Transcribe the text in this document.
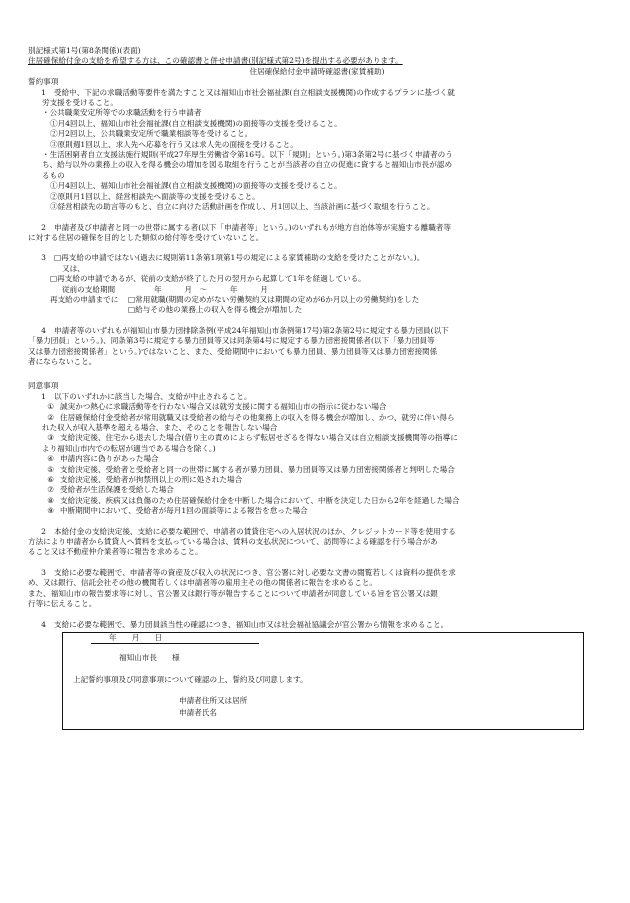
別記様式第1号(第8条関係)(表面)
住居確保給付金の支給を希望する方は、この確認書と併せ申請書(別記様式第2号)を提出する必要があります。
住居確保給付金申請時確認書(家賃補助)
誓約事項
1	受給中、下記の求職活動等要件を満たすこと又は福知山市社会福祉課(自立相談支援機関)の作成するプランに基づく就
労支援を受けること。
・公共職業安定所等での求職活動を行う申請者
①月4回以上、福知山市社会福祉課(自立相談支援機関)の面接等の支援を受けること。
②月2回以上、公共職業安定所で職業相談等を受けること。
③原則週1回以上、求人先へ応募を行う又は求人先の面接を受けること。
・生活困窮者自立支援法施行規則(平成27年厚生労働省令第16号。以下「規則」という。)第3条第2号に基づく申請者のう
ち、給与以外の業務上の収入を得る機会の増加を図る取組を行うことが当該者の自立の促進に資すると福知山市長が認め
るもの
①月4回以上、福知山市社会福祉課(自立相談支援機関)の面接等の支援を受けること。
②原則月1回以上、経営相談先へ面談等の支援を受けること。
③経営相談先の助言等のもと、自立に向けた活動計画を作成し、月1回以上、当該計画に基づく取組を行うこと。
2	申請者及び申請者と同一の世帯に属する者(以下「申請者等」という。)のいずれもが地方自治体等が実施する離職者等
に対する住居の確保を目的とした類似の給付等を受けていないこと。
3	□再支給の申請ではない(過去に規則第11条第1項第1号の規定による家賃補助の支給を受けたことがない。)。
又は、
□再支給の申請であるが、従前の支給が終了した月の翌月から起算して1年を経過している。
従前の支給期間	年　　　月　～　　　年　　　月
再支給の申請までに	□常用就職(期間の定めがない労働契約又は期間の定めが6か月以上の労働契約)をした
□給与その他の業務上の収入を得る機会が増加した
4	申請者等のいずれもが福知山市暴力団排除条例(平成24年福知山市条例第17号)第2条第2号に規定する暴力団員(以下
「暴力団員」という。)、同条第3号に規定する暴力団員等又は同条第4号に規定する暴力団密接関係者(以下「暴力団員等
又は暴力団密接関係者」という。)ではないこと、また、受給期間中においても暴力団員、暴力団員等又は暴力団密接関係
者にならないこと。
同意事項
1	以下のいずれかに該当した場合、支給が中止されること。
① 誠実かつ熱心に求職活動等を行わない場合又は就労支援に関する福知山市の指示に従わない場合
② 住居確保給付金受給者が常用就職又は受給者の給与その他業務上の収入を得る機会が増加し、かつ、就労に伴い得ら
れた収入が収入基準を超える場合、また、そのことを報告しない場合
③ 支給決定後、住宅から退去した場合(借り主の責めによらず転居せざるを得ない場合又は自立相談支援機関等の指導に
より福知山市内での転居が適当である場合を除く。)
④ 申請内容に偽りがあった場合
⑤ 支給決定後、受給者と受給者と同一の世帯に属する者が暴力団員、暴力団員等又は暴力団密接関係者と判明した場合
⑥ 支給決定後、受給者が拘禁刑以上の刑に処された場合
⑦ 受給者が生活保護を受給した場合
⑧ 支給決定後、疾病又は負傷のため住居確保給付金を中断した場合において、中断を決定した日から2年を経過した場合
⑨ 中断期間中において、受給者が毎月1回の面談等による報告を怠った場合
2	本給付金の支給決定後、支給に必要な範囲で、申請者の賃貸住宅への入居状況のほか、クレジットカード等を使用する
方法により申請者から賃貸人へ賃料を支払っている場合は、賃料の支払状況について、訪問等による確認を行う場合があ
ること又は不動産仲介業者等に報告を求めること。
3	支給に必要な範囲で、申請者等の資産及び収入の状況につき、官公署に対し必要な文書の閲覧若しくは資料の提供を求
め、又は銀行、信託会社その他の機関若しくは申請者等の雇用主その他の関係者に報告を求めること。
また、福知山市の報告要求等に対し、官公署又は銀行等が報告することについて申請者が同意している旨を官公署又は銀
行等に伝えること。
4	支給に必要な範囲で、暴力団員該当性の確認につき、福知山市又は社会福祉協議会が官公署から情報を求めること。
年　　月　　日
福知山市長　　様
上記誓約事項及び同意事項について確認の上、誓約及び同意します。
申請者住所又は居所
申請者氏名
